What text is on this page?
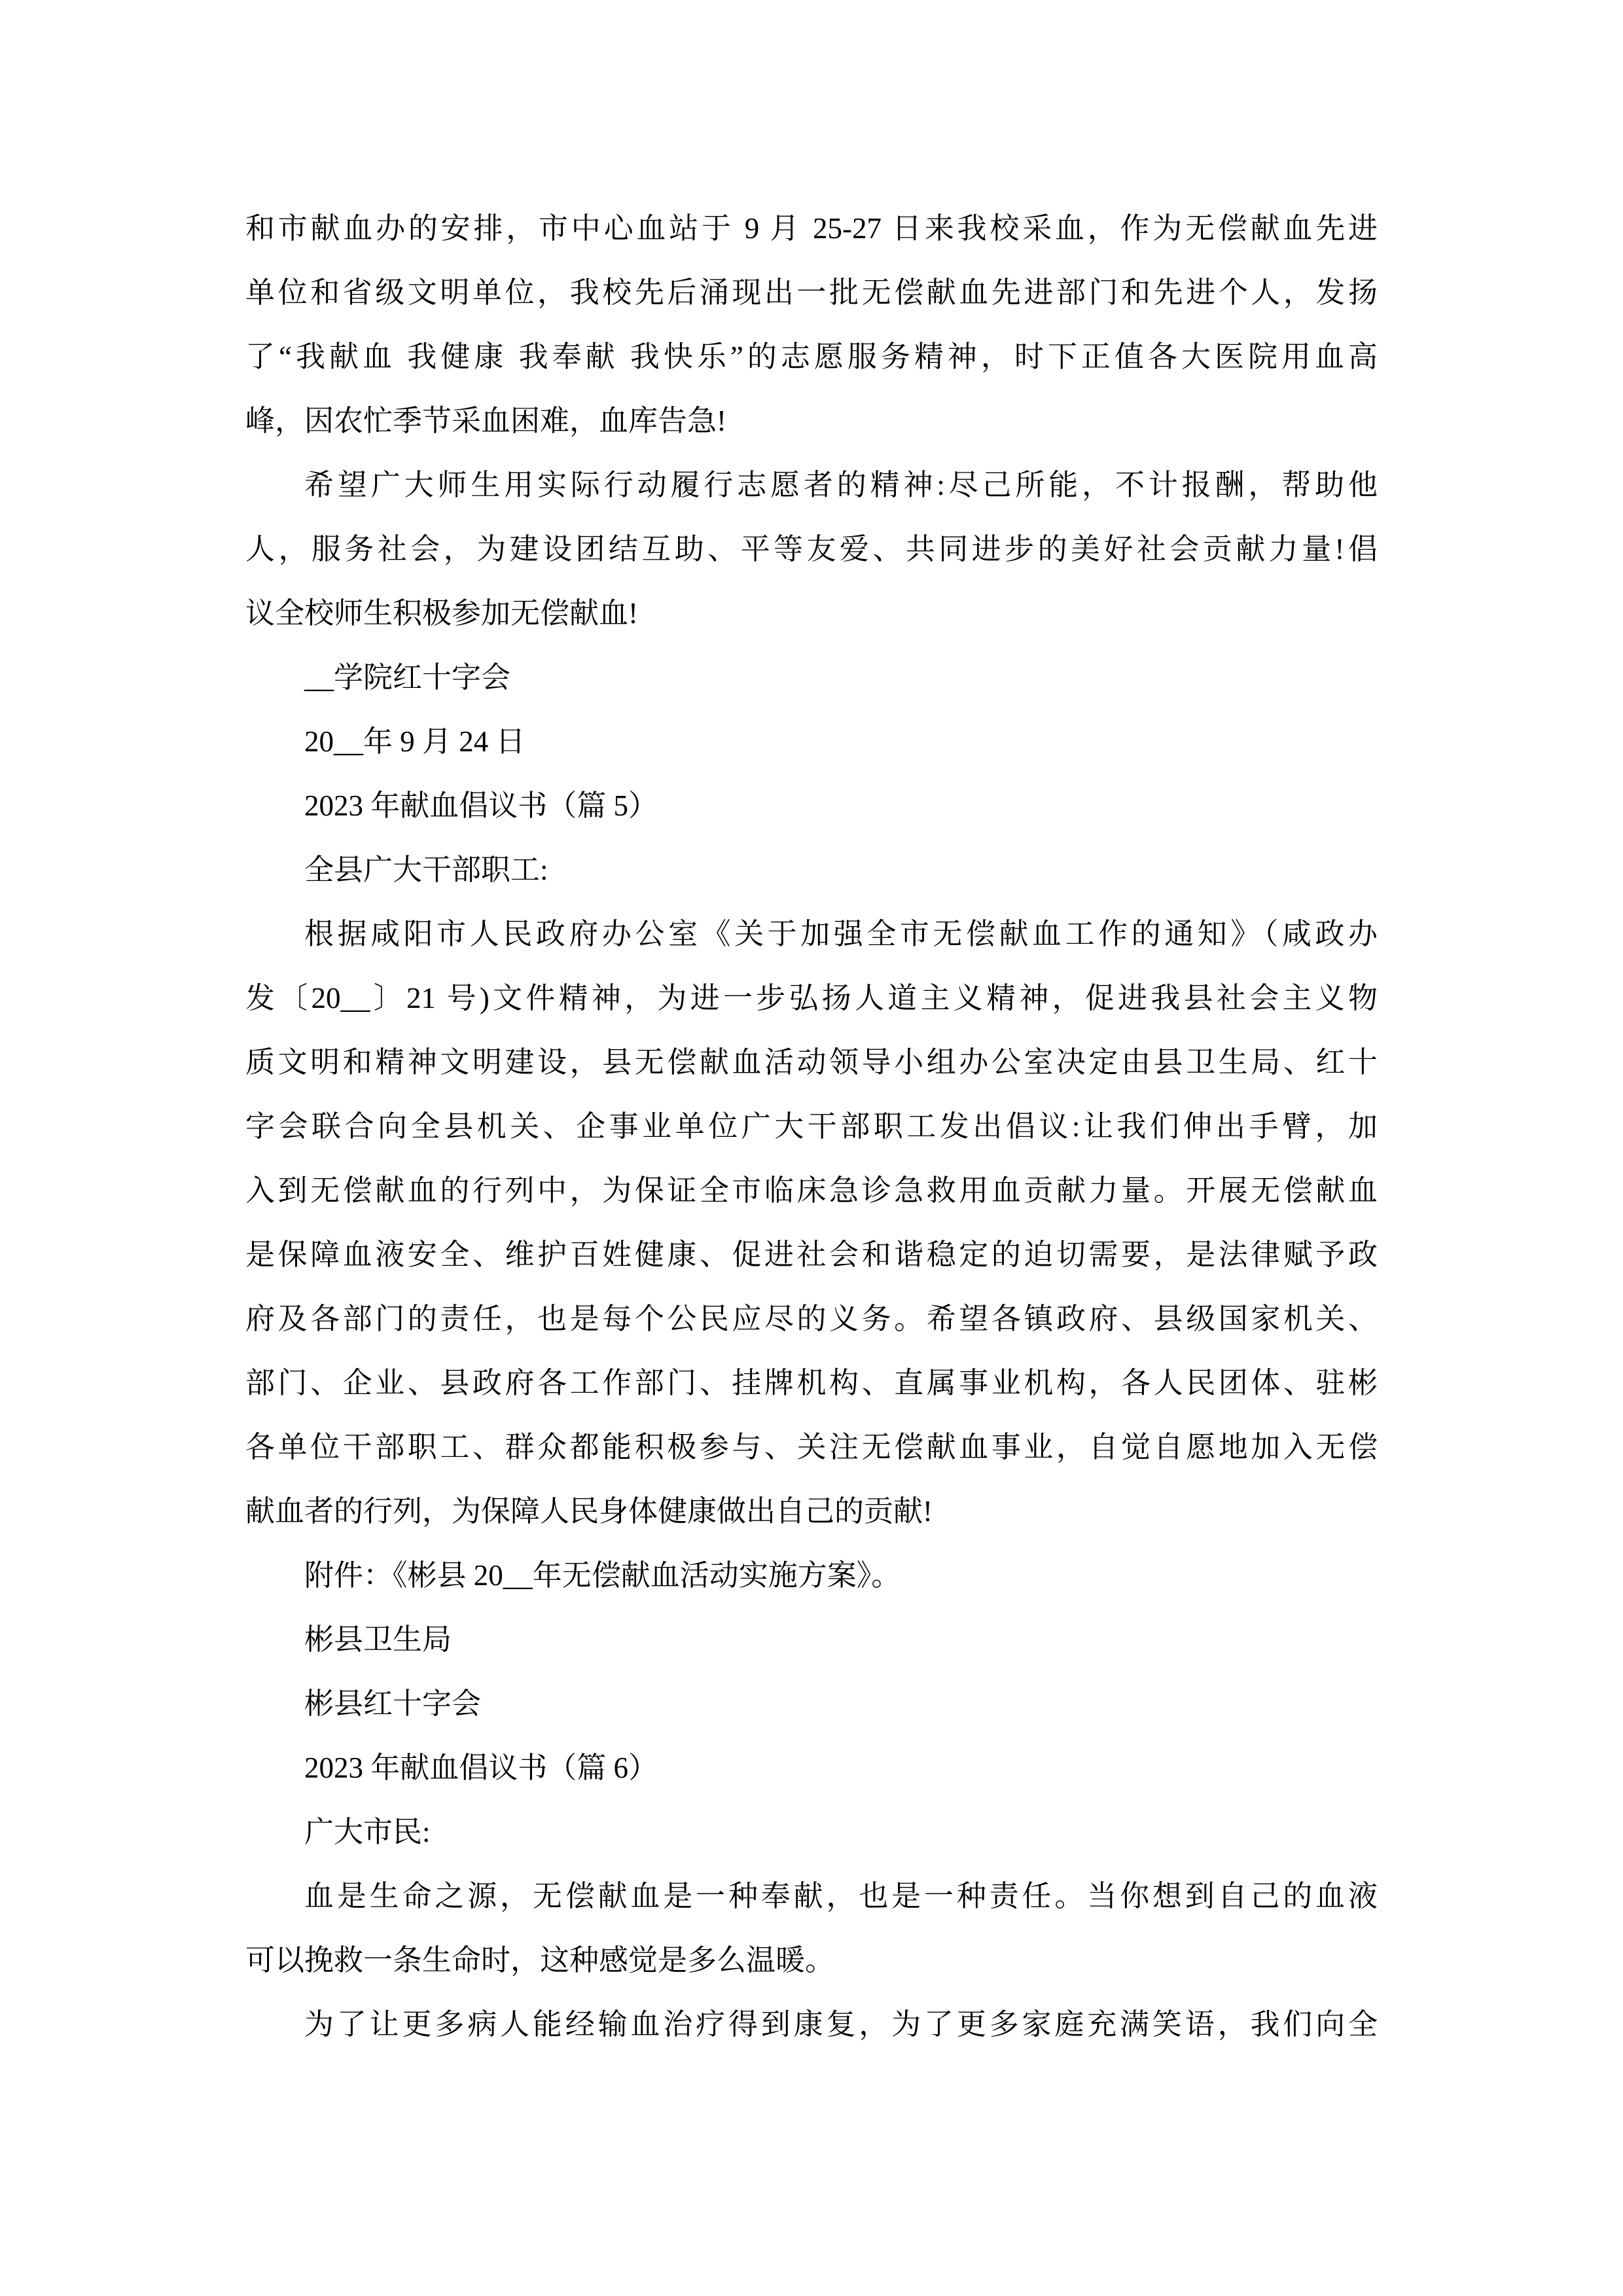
和市献血办的安排，市中心血站于 9 月 25-27 日来我校采血，作为无偿献血先进
单位和省级文明单位，我校先后涌现出一批无偿献血先进部门和先进个人，发扬
了“我献血 我健康 我奉献 我快乐”的志愿服务精神，时下正值各大医院用血高
峰，因农忙季节采血困难，血库告急!
希望广大师生用实际行动履行志愿者的精神:尽己所能，不计报酬，帮助他
人，服务社会，为建设团结互助、平等友爱、共同进步的美好社会贡献力量!倡
议全校师生积极参加无偿献血!
__学院红十字会
20__年 9 月 24 日
2023 年献血倡议书（篇 5）
全县广大干部职工:
根据咸阳市人民政府办公室《关于加强全市无偿献血工作的通知》（咸政办
发〔20__〕21 号)文件精神，为进一步弘扬人道主义精神，促进我县社会主义物
质文明和精神文明建设，县无偿献血活动领导小组办公室决定由县卫生局、红十
字会联合向全县机关、企事业单位广大干部职工发出倡议:让我们伸出手臂，加
入到无偿献血的行列中，为保证全市临床急诊急救用血贡献力量。开展无偿献血
是保障血液安全、维护百姓健康、促进社会和谐稳定的迫切需要，是法律赋予政
府及各部门的责任，也是每个公民应尽的义务。希望各镇政府、县级国家机关、
部门、企业、县政府各工作部门、挂牌机构、直属事业机构，各人民团体、驻彬
各单位干部职工、群众都能积极参与、关注无偿献血事业，自觉自愿地加入无偿
献血者的行列，为保障人民身体健康做出自己的贡献!
附件：《彬县 20__年无偿献血活动实施方案》。
彬县卫生局
彬县红十字会
2023 年献血倡议书（篇 6）
广大市民:
血是生命之源，无偿献血是一种奉献，也是一种责任。当你想到自己的血液
可以挽救一条生命时，这种感觉是多么温暖。
为了让更多病人能经输血治疗得到康复，为了更多家庭充满笑语，我们向全
